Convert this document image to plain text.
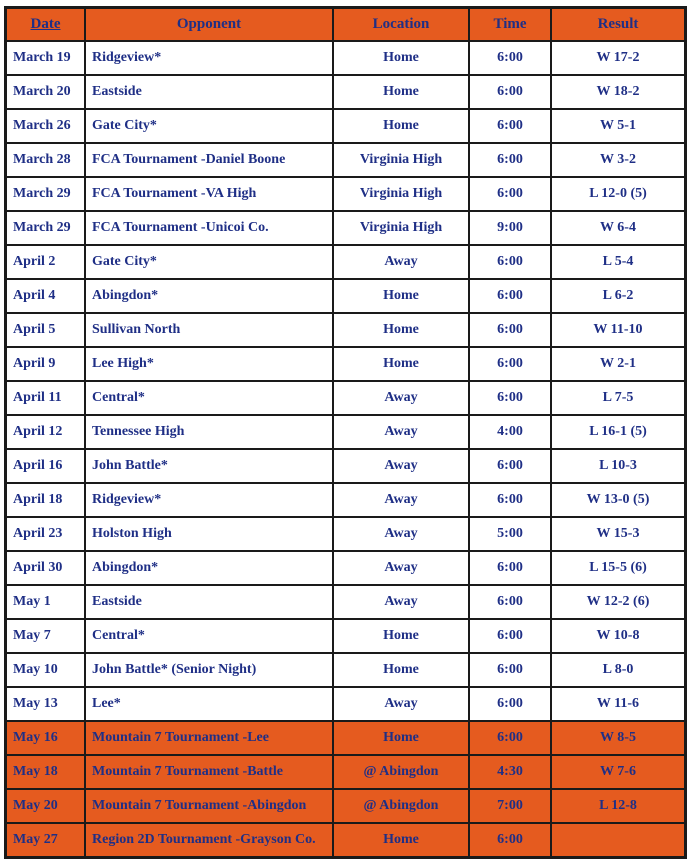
Date	Opponent	Location	Time	Result
March 19	Ridgeview*	Home	6:00	W 17-2
March 20	Eastside	Home	6:00	W 18-2
March 26	Gate City*	Home	6:00	W 5-1
March 28	FCA Tournament -Daniel Boone	Virginia High	6:00	W 3-2
March 29	FCA Tournament -VA High	Virginia High	6:00	L 12-0 (5)
March 29	FCA Tournament -Unicoi Co.	Virginia High	9:00	W 6-4
April 2	Gate City*	Away	6:00	L 5-4
April 4	Abingdon*	Home	6:00	L 6-2
April 5	Sullivan North	Home	6:00	W 11-10
April 9	Lee High*	Home	6:00	W 2-1
April 11	Central*	Away	6:00	L 7-5
April 12	Tennessee High	Away	4:00	L 16-1 (5)
April 16	John Battle*	Away	6:00	L 10-3
April 18	Ridgeview*	Away	6:00	W 13-0 (5)
April 23	Holston High	Away	5:00	W 15-3
April 30	Abingdon*	Away	6:00	L 15-5 (6)
May 1	Eastside	Away	6:00	W 12-2 (6)
May 7	Central*	Home	6:00	W 10-8
May 10	John Battle* (Senior Night)	Home	6:00	L 8-0
May 13	Lee*	Away	6:00	W 11-6
May 16	Mountain 7 Tournament -Lee	Home	6:00	W 8-5
May 18	Mountain 7 Tournament -Battle	@ Abingdon	4:30	W 7-6
May 20	Mountain 7 Tournament -Abingdon	@ Abingdon	7:00	L 12-8
May 27	Region 2D Tournament -Grayson Co.	Home	6:00	
